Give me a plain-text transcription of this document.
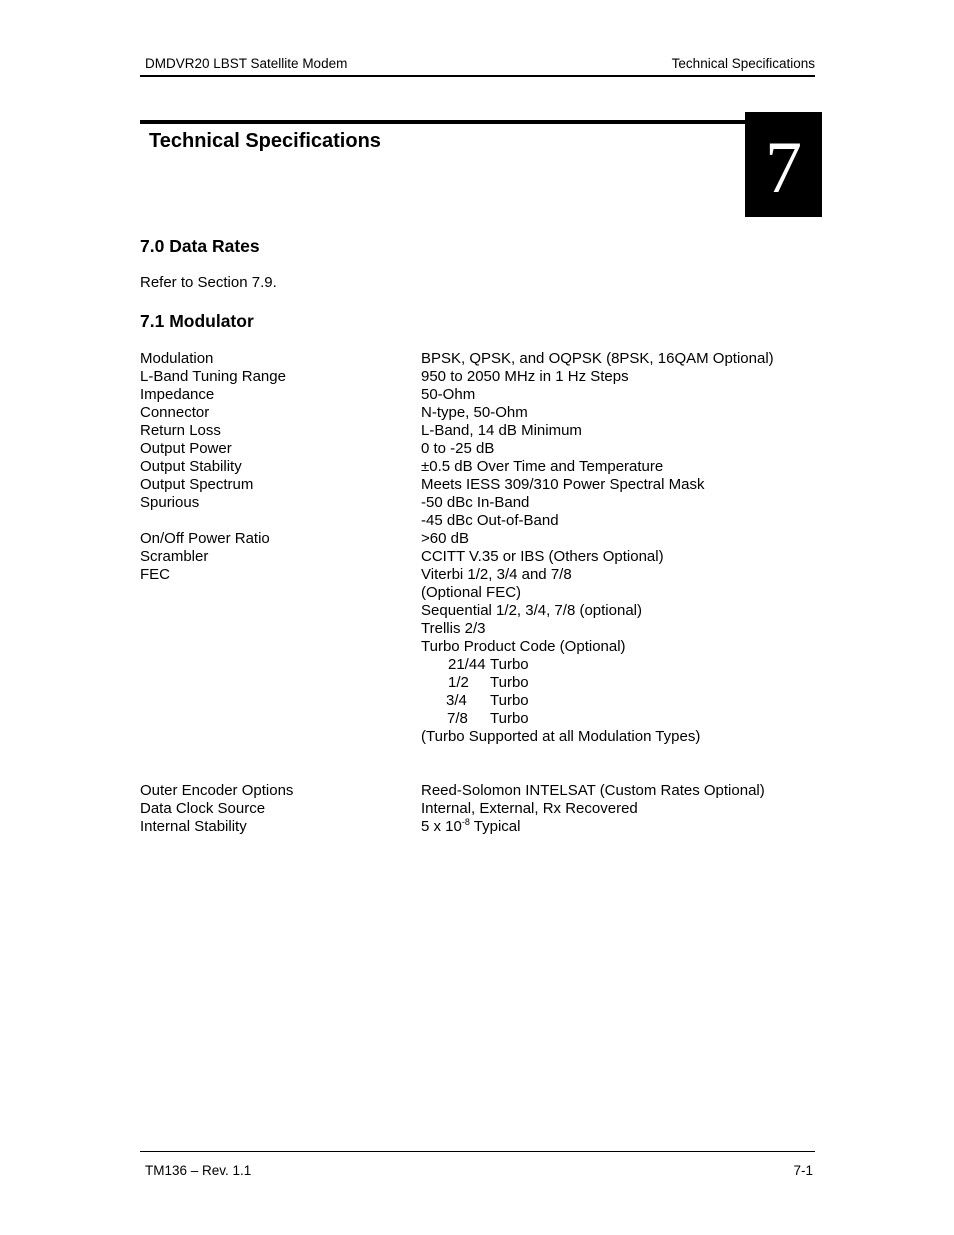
DMDVR20 LBST Satellite Modem	Technical Specifications
Technical Specifications	7
7.0 Data Rates
Refer to Section 7.9.
7.1 Modulator
Modulation	BPSK, QPSK, and OQPSK (8PSK, 16QAM Optional)
L-Band Tuning Range	950 to 2050 MHz in 1 Hz Steps
Impedance	50-Ohm
Connector	N-type, 50-Ohm
Return Loss	L-Band, 14 dB Minimum
Output Power	0 to -25 dB
Output Stability	±0.5 dB Over Time and Temperature
Output Spectrum	Meets IESS 309/310 Power Spectral Mask
Spurious	-50 dBc In-Band
-45 dBc Out-of-Band
On/Off Power Ratio	>60 dB
Scrambler	CCITT V.35 or IBS (Others Optional)
FEC	Viterbi 1/2, 3/4 and 7/8
(Optional FEC)
Sequential 1/2, 3/4, 7/8 (optional)
Trellis 2/3
Turbo Product Code (Optional)
21/44 Turbo
1/2 Turbo
3/4 Turbo
7/8 Turbo
(Turbo Supported at all Modulation Types)
Outer Encoder Options	Reed-Solomon INTELSAT (Custom Rates Optional)
Data Clock Source	Internal, External, Rx Recovered
Internal Stability	5 x $10^{-8}$ Typical
TM136 – Rev. 1.1	7-1
